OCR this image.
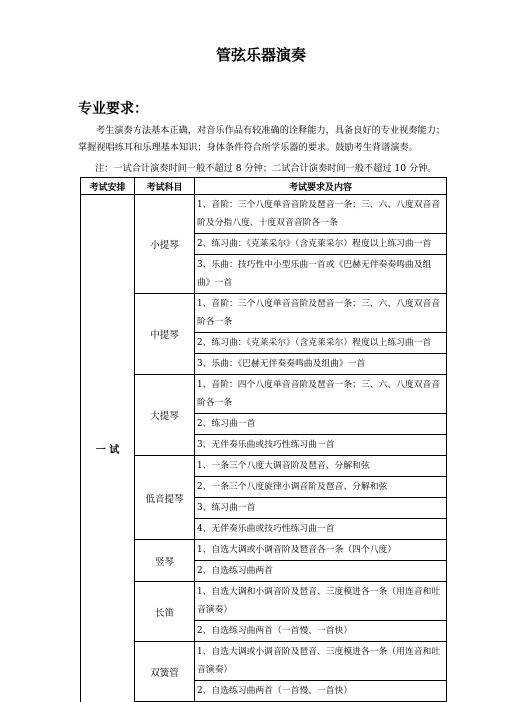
管弦乐器演奏
专业要求：
考生演奏方法基本正确，对音乐作品有较准确的诠释能力，具备良好的专业视奏能力；掌握视唱练耳和乐理基本知识；身体条件符合所学乐器的要求。鼓励考生背谱演奏。
注：一试合计演奏时间一般不超过 8 分钟；二试合计演奏时间一般不超过 10 分钟。
考试安排	考试科目	考试要求及内容
一 试	小提琴	1、音阶：三个八度单音音阶及琶音一条；三、六、八度双音音阶及分指八度、十度双音音阶各一条
		2、练习曲：《克莱采尔》（含克莱采尔）程度以上练习曲一首
		3、乐曲：技巧性中小型乐曲一首或《巴赫无伴奏奏鸣曲及组曲》一首
	中提琴	1、音阶：三个八度单音音阶及琶音一条；三、六、八度双音音阶各一条
		2、练习曲：《克莱采尔》（含克莱采尔）程度以上练习曲一首
		3、乐曲：《巴赫无伴奏奏鸣曲及组曲》一首
	大提琴	1、音阶：四个八度单音音阶及琶音一条；三、六、八度双音音阶各一条
		2、练习曲一首
		3、无伴奏乐曲或技巧性练习曲一首
	低音提琴	1、一条三个八度大调音阶及琶音、分解和弦
		2、一条三个八度旋律小调音阶及琶音、分解和弦
		3、练习曲一首
		4、无伴奏乐曲或技巧性练习曲一首
	竖琴	1、自选大调或小调音阶及琶音各一条（四个八度）
		2、自选练习曲两首
	长笛	1、自选大调和小调音阶及琶音、三度模进各一条（用连音和吐音演奏）
		2、自选练习曲两首（一首慢、一首快）
	双簧管	1、自选大调或小调音阶及琶音、三度模进各一条（用连音和吐音演奏）
		2、自选练习曲两首（一首慢、一首快）
